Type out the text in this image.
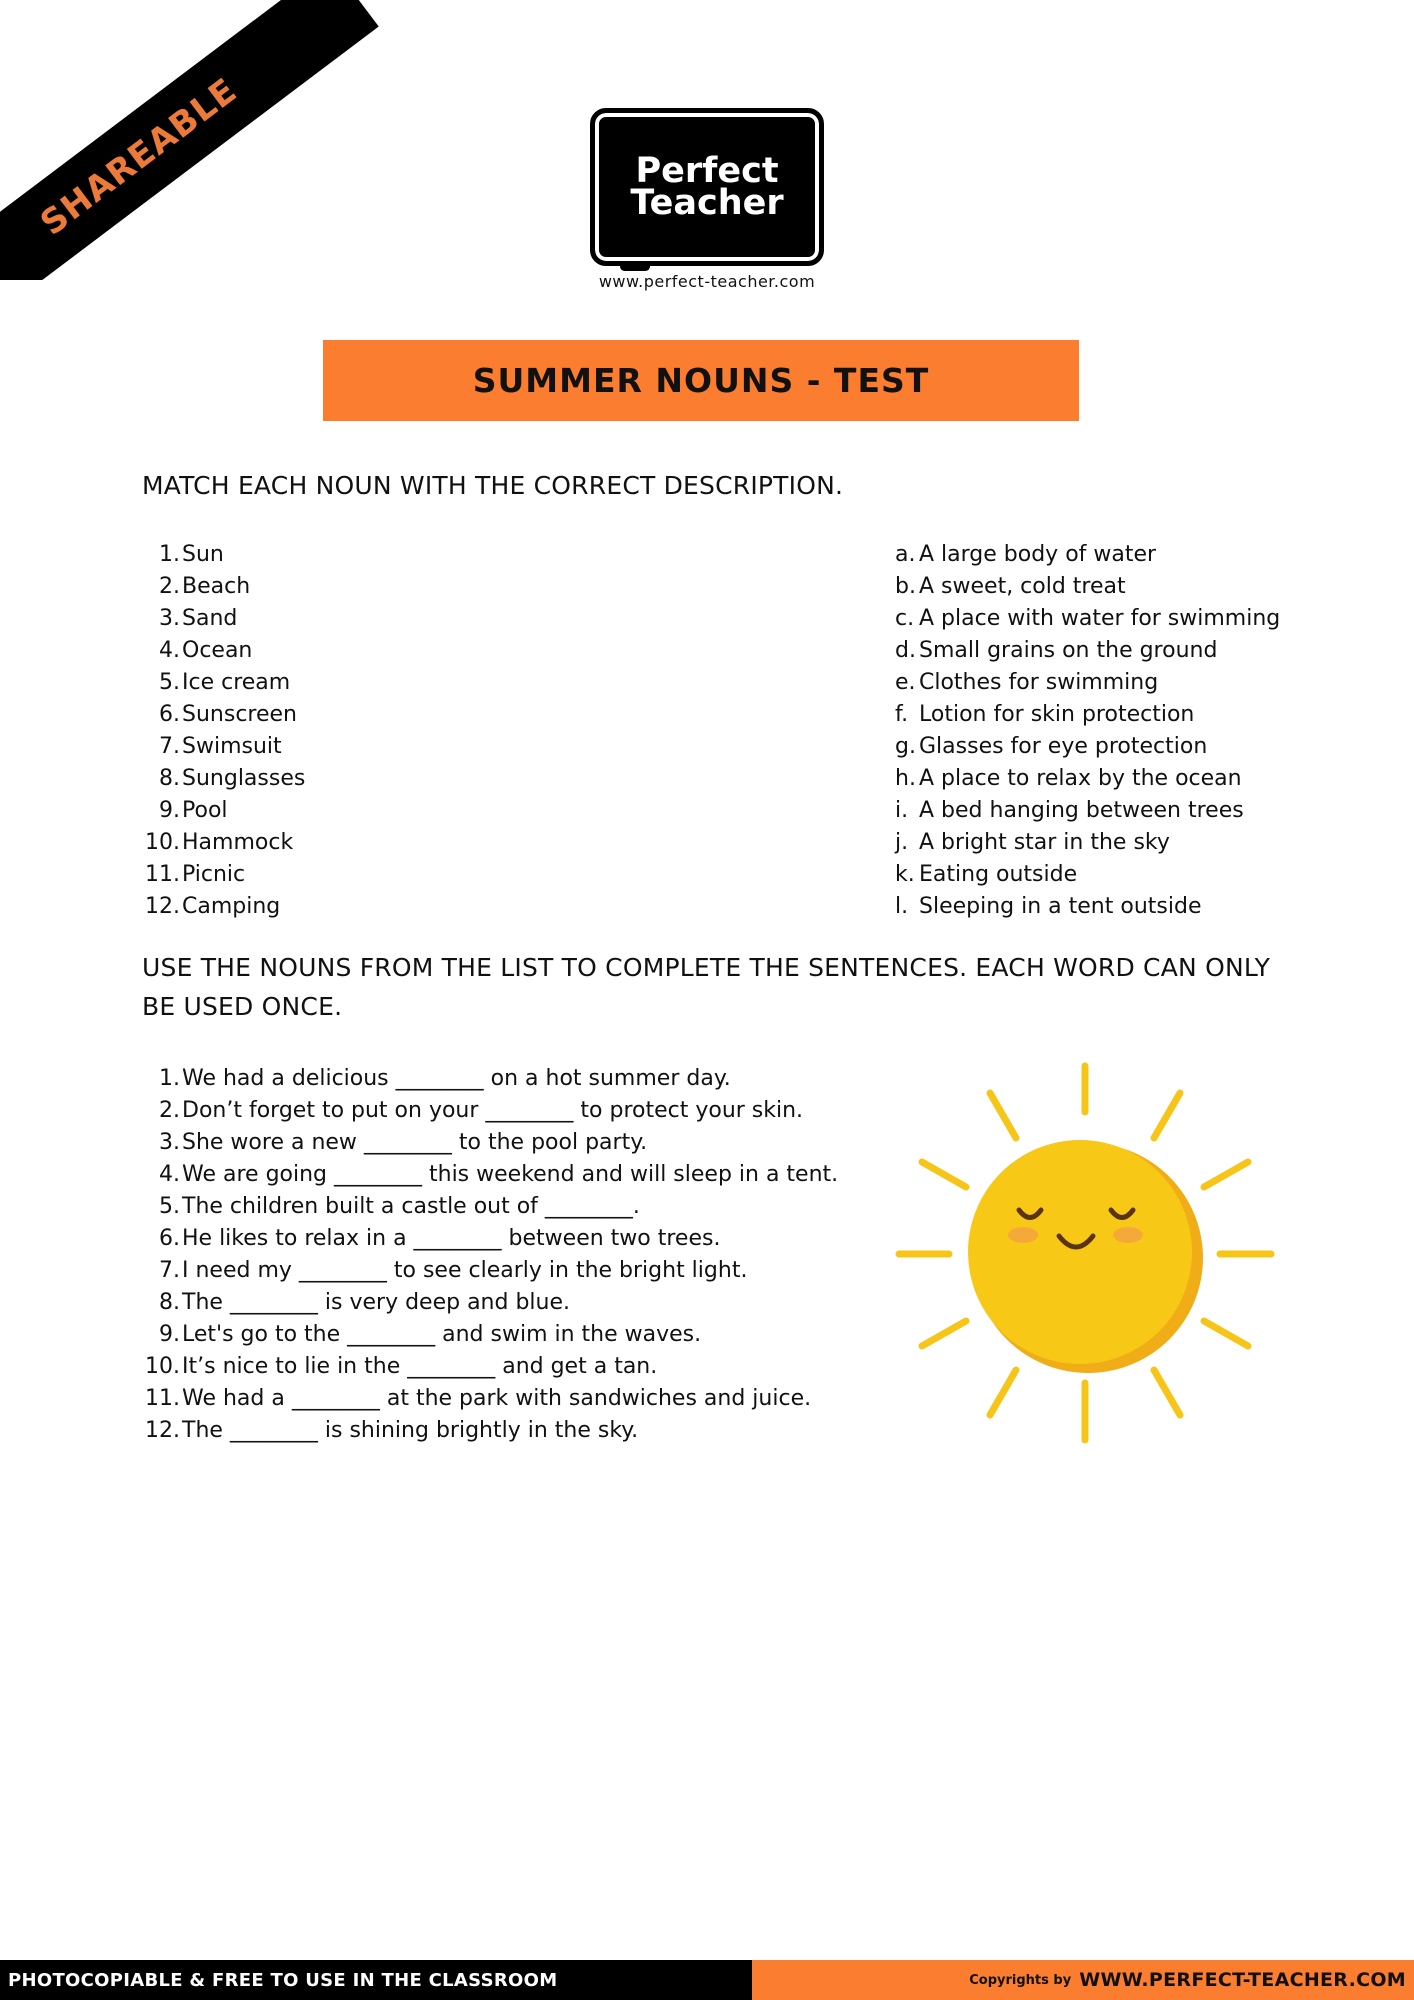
SHAREABLE	Perfect
Teacher
www.perfect-teacher.com
SUMMER NOUNS - TEST
MATCH EACH NOUN WITH THE CORRECT DESCRIPTION.
1. Sun
2. Beach
3. Sand
4. Ocean
5. Ice cream
6. Sunscreen
7. Swimsuit
8. Sunglasses
9. Pool
10. Hammock
11. Picnic
12. Camping
a. A large body of water
b. A sweet, cold treat
c. A place with water for swimming
d. Small grains on the ground
e. Clothes for swimming
f. Lotion for skin protection
g. Glasses for eye protection
h. A place to relax by the ocean
i. A bed hanging between trees
j. A bright star in the sky
k. Eating outside
l. Sleeping in a tent outside
USE THE NOUNS FROM THE LIST TO COMPLETE THE SENTENCES. EACH WORD CAN ONLY BE USED ONCE.
1. We had a delicious ________ on a hot summer day.
2. Don’t forget to put on your ________ to protect your skin.
3. She wore a new ________ to the pool party.
4. We are going ________ this weekend and will sleep in a tent.
5. The children built a castle out of ________.
6. He likes to relax in a ________ between two trees.
7. I need my ________ to see clearly in the bright light.
8. The ________ is very deep and blue.
9. Let's go to the ________ and swim in the waves.
10. It’s nice to lie in the ________ and get a tan.
11. We had a ________ at the park with sandwiches and juice.
12. The ________ is shining brightly in the sky.
PHOTOCOPIABLE & FREE TO USE IN THE CLASSROOM	Copyrights by WWW.PERFECT-TEACHER.COM
